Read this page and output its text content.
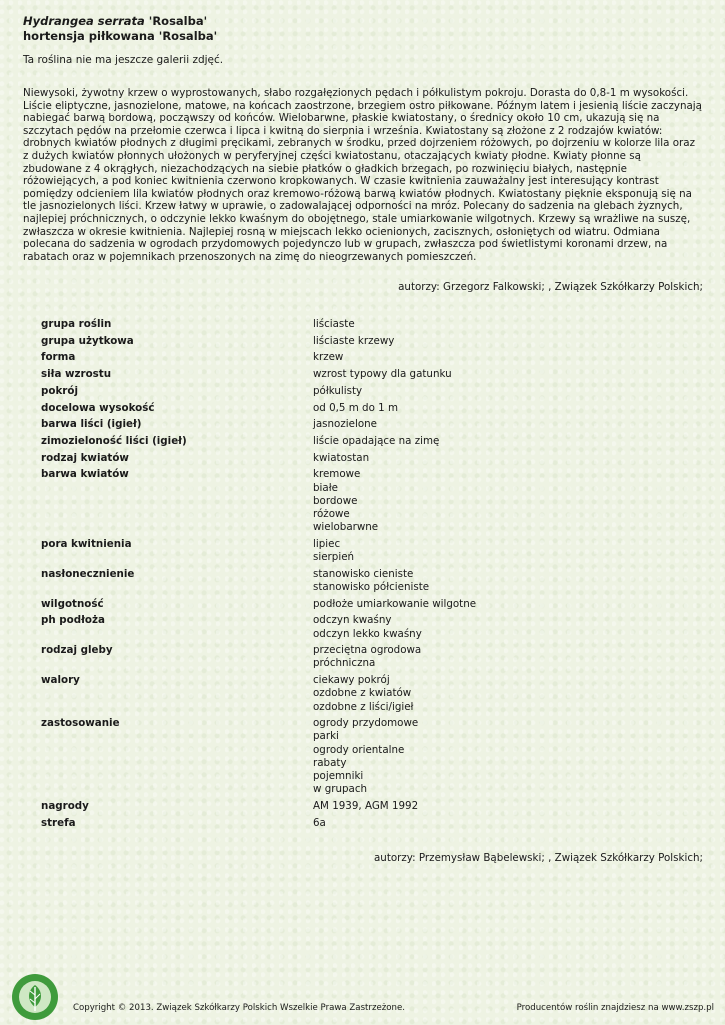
Hydrangea serrata 'Rosalba'

hortensja piłkowana 'Rosalba'

Ta roślina nie ma jeszcze galerii zdjęć.

Niewysoki, żywotny krzew o wyprostowanych, słabo rozgałęzionych pędach i półkulistym pokroju. Dorasta do 0,8-1 m wysokości. Liście eliptyczne, jasnozielone, matowe, na końcach zaostrzone, brzegiem ostro piłkowane. Późnym latem i jesienią liście zaczynają nabiegać barwą bordową, począwszy od końców. Wielobarwne, płaskie kwiatostany, o średnicy około 10 cm, ukazują się na szczytach pędów na przełomie czerwca i lipca i kwitną do sierpnia i września. Kwiatostany są złożone z 2 rodzajów kwiatów: drobnych kwiatów płodnych z długimi pręcikami, zebranych w środku, przed dojrzeniem różowych, po dojrzeniu w kolorze lila oraz z dużych kwiatów płonnych ułożonych w peryferyjnej części kwiatostanu, otaczających kwiaty płodne. Kwiaty płonne są zbudowane z 4 okrągłych, niezachodzących na siebie płatków o gładkich brzegach, po rozwinięciu białych, następnie różowiejących, a pod koniec kwitnienia czerwono kropkowanych. W czasie kwitnienia zauważalny jest interesujący kontrast pomiędzy odcieniem lila kwiatów płodnych oraz kremowo-różową barwą kwiatów płodnych. Kwiatostany pięknie eksponują się na tle jasnozielonych liści. Krzew łatwy w uprawie, o zadowalającej odporności na mróz. Polecany do sadzenia na glebach żyznych, najlepiej próchnicznych, o odczynie lekko kwaśnym do obojętnego, stale umiarkowanie wilgotnych. Krzewy są wrażliwe na suszę, zwłaszcza w okresie kwitnienia. Najlepiej rosną w miejscach lekko ocienionych, zacisznych, osłoniętych od wiatru. Odmiana polecana do sadzenia w ogrodach przydomowych pojedynczo lub w grupach, zwłaszcza pod świetlistymi koronami drzew, na rabatach oraz w pojemnikach przenoszonych na zimę do nieogrzewanych pomieszczeń.

autorzy: Grzegorz Falkowski; , Związek Szkółkarzy Polskich;

grupa roślin	liściaste
grupa użytkowa	liściaste krzewy
forma	krzew
siła wzrostu	wzrost typowy dla gatunku
pokrój	półkulisty
docelowa wysokość	od 0,5 m do 1 m
barwa liści (igieł)	jasnozielone
zimozieloność liści (igieł)	liście opadające na zimę
rodzaj kwiatów	kwiatostan
barwa kwiatów	kremowe
białe
bordowe
różowe
wielobarwne
pora kwitnienia	lipiec
sierpień
nasłonecznienie	stanowisko cieniste
stanowisko półcieniste
wilgotność	podłoże umiarkowanie wilgotne
ph podłoża	odczyn kwaśny
odczyn lekko kwaśny
rodzaj gleby	przeciętna ogrodowa
próchniczna
walory	ciekawy pokrój
ozdobne z kwiatów
ozdobne z liści/igieł
zastosowanie	ogrody przydomowe
parki
ogrody orientalne
rabaty
pojemniki
w grupach
nagrody	AM 1939, AGM 1992
strefa	6a

autorzy: Przemysław Bąbelewski; , Związek Szkółkarzy Polskich;

Copyright © 2013. Związek Szkółkarzy Polskich Wszelkie Prawa Zastrzeżone.	Producentów roślin znajdziesz na www.zszp.pl
